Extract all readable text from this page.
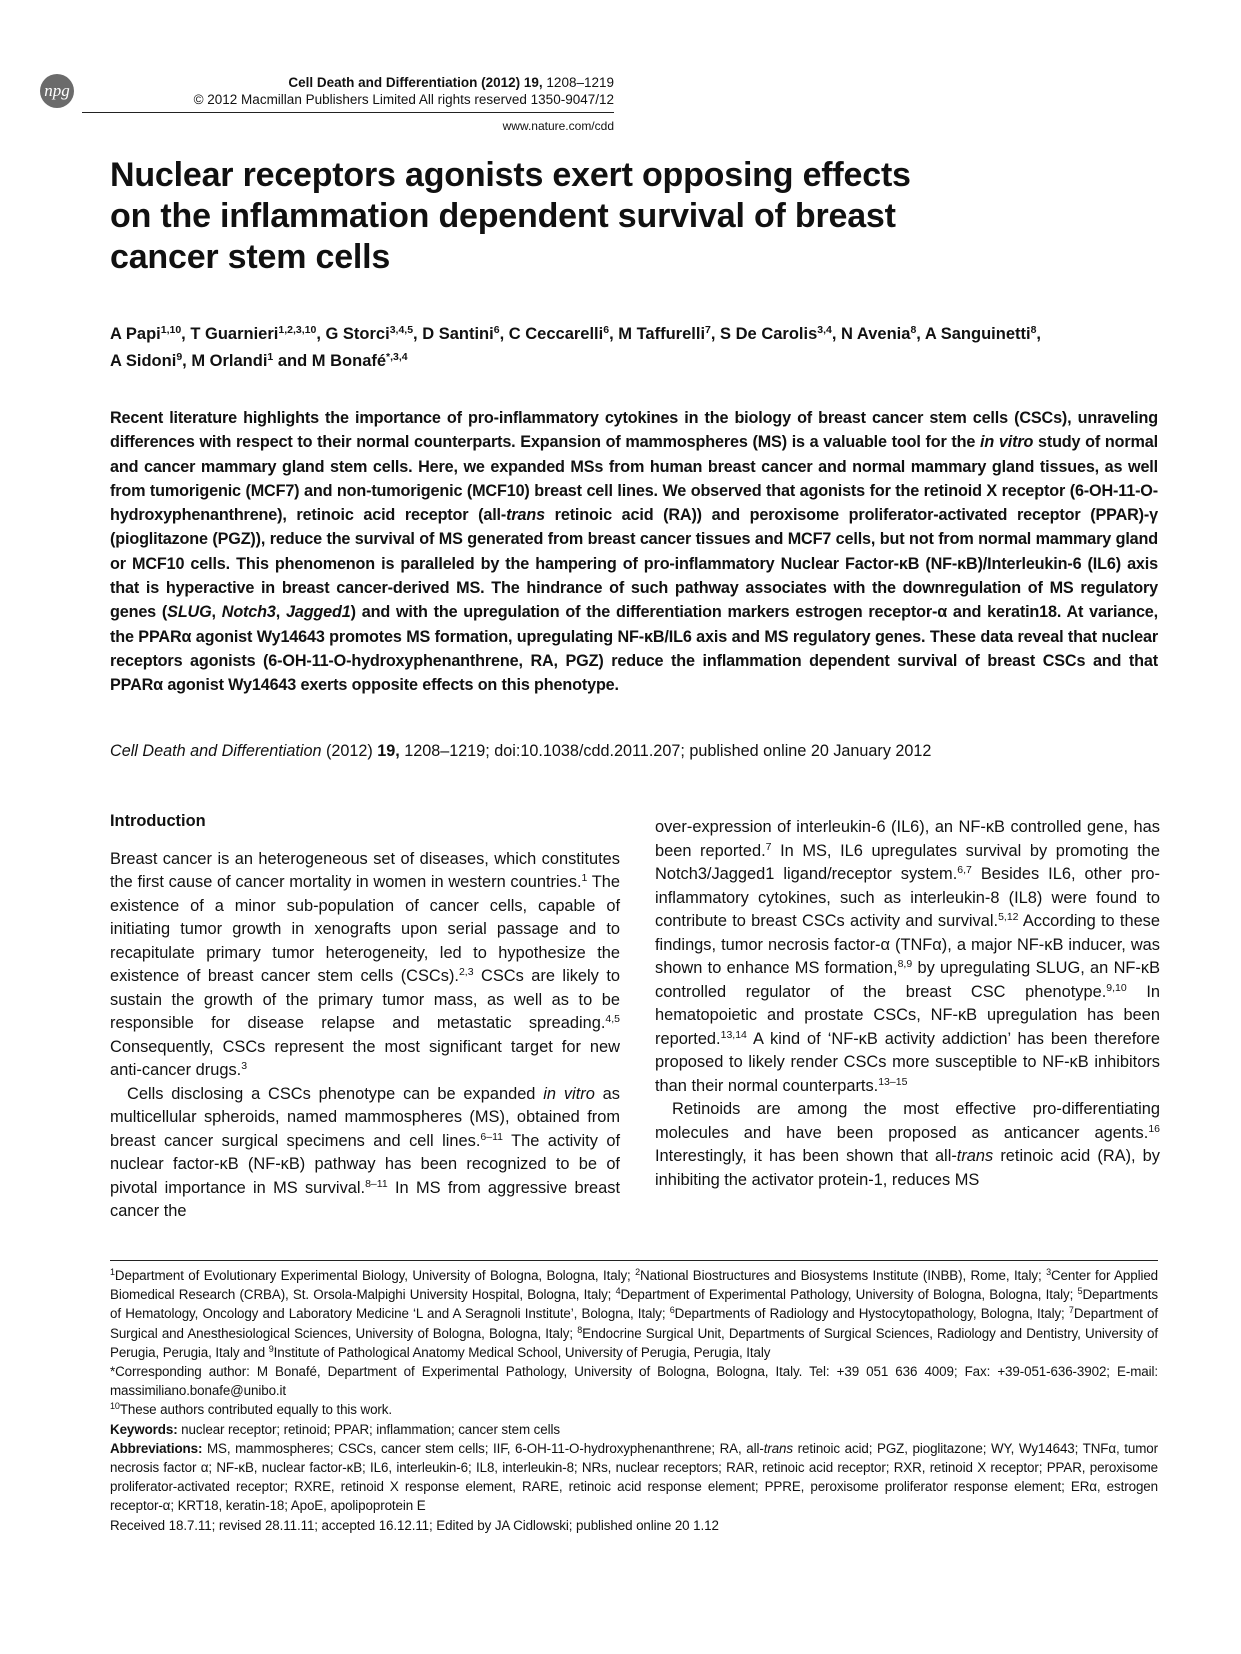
npg	Cell Death and Differentiation (2012) 19, 1208–1219
© 2012 Macmillan Publishers Limited All rights reserved 1350-9047/12
www.nature.com/cdd
Nuclear receptors agonists exert opposing effects
on the inflammation dependent survival of breast
cancer stem cells
A Papi$^{1,10}$, T Guarnieri$^{1,2,3,10}$, G Storci$^{3,4,5}$, D Santini$^6$, C Ceccarelli$^6$, M Taffurelli$^7$, S De Carolis$^{3,4}$, N Avenia$^8$, A Sanguinetti$^8$,
A Sidoni$^9$, M Orlandi$^1$ and M Bonafé$^{*,3,4}$
Recent literature highlights the importance of pro-inflammatory cytokines in the biology of breast cancer stem cells (CSCs), unraveling differences with respect to their normal counterparts. Expansion of mammospheres (MS) is a valuable tool for the in vitro study of normal and cancer mammary gland stem cells. Here, we expanded MSs from human breast cancer and normal mammary gland tissues, as well from tumorigenic (MCF7) and non-tumorigenic (MCF10) breast cell lines. We observed that agonists for the retinoid X receptor (6-OH-11-O-hydroxyphenanthrene), retinoic acid receptor (all-trans retinoic acid (RA)) and peroxisome proliferator-activated receptor (PPAR)-γ (pioglitazone (PGZ)), reduce the survival of MS generated from breast cancer tissues and MCF7 cells, but not from normal mammary gland or MCF10 cells. This phenomenon is paralleled by the hampering of pro-inflammatory Nuclear Factor-κB (NF-κB)/Interleukin-6 (IL6) axis that is hyperactive in breast cancer-derived MS. The hindrance of such pathway associates with the downregulation of MS regulatory genes (SLUG, Notch3, Jagged1) and with the upregulation of the differentiation markers estrogen receptor-α and keratin18. At variance, the PPARα agonist Wy14643 promotes MS formation, upregulating NF-κB/IL6 axis and MS regulatory genes. These data reveal that nuclear receptors agonists (6-OH-11-O-hydroxyphenanthrene, RA, PGZ) reduce the inflammation dependent survival of breast CSCs and that PPARα agonist Wy14643 exerts opposite effects on this phenotype.
Cell Death and Differentiation (2012) 19, 1208–1219; doi:10.1038/cdd.2011.207; published online 20 January 2012

Introduction

Breast cancer is an heterogeneous set of diseases, which constitutes the first cause of cancer mortality in women in western countries.$^1$ The existence of a minor sub-population of cancer cells, capable of initiating tumor growth in xenografts upon serial passage and to recapitulate primary tumor heterogeneity, led to hypothesize the existence of breast cancer stem cells (CSCs).$^{2,3}$ CSCs are likely to sustain the growth of the primary tumor mass, as well as to be responsible for disease relapse and metastatic spreading.$^{4,5}$ Consequently, CSCs represent the most significant target for new anti-cancer drugs.$^3$

Cells disclosing a CSCs phenotype can be expanded in vitro as multicellular spheroids, named mammospheres (MS), obtained from breast cancer surgical specimens and cell lines.$^{6-11}$ The activity of nuclear factor-κB (NF-κB) pathway has been recognized to be of pivotal importance in MS survival.$^{8-11}$ In MS from aggressive breast cancer the

over-expression of interleukin-6 (IL6), an NF-κB controlled gene, has been reported.$^7$ In MS, IL6 upregulates survival by promoting the Notch3/Jagged1 ligand/receptor system.$^{6,7}$ Besides IL6, other pro-inflammatory cytokines, such as interleukin-8 (IL8) were found to contribute to breast CSCs activity and survival.$^{5,12}$ According to these findings, tumor necrosis factor-α (TNFα), a major NF-κB inducer, was shown to enhance MS formation,$^{8,9}$ by upregulating SLUG, an NF-κB controlled regulator of the breast CSC phenotype.$^{9,10}$ In hematopoietic and prostate CSCs, NF-κB upregulation has been reported.$^{13,14}$ A kind of ‘NF-κB activity addiction’ has been therefore proposed to likely render CSCs more susceptible to NF-κB inhibitors than their normal counterparts.$^{13-15}$

Retinoids are among the most effective pro-differentiating molecules and have been proposed as anticancer agents.$^{16}$ Interestingly, it has been shown that all-trans retinoic acid (RA), by inhibiting the activator protein-1, reduces MS

$^1$Department of Evolutionary Experimental Biology, University of Bologna, Bologna, Italy; $^2$National Biostructures and Biosystems Institute (INBB), Rome, Italy; $^3$Center for Applied Biomedical Research (CRBA), St. Orsola-Malpighi University Hospital, Bologna, Italy; $^4$Department of Experimental Pathology, University of Bologna, Bologna, Italy; $^5$Departments of Hematology, Oncology and Laboratory Medicine ‘L and A Seragnoli Institute’, Bologna, Italy; $^6$Departments of Radiology and Hystocytopathology, Bologna, Italy; $^7$Department of Surgical and Anesthesiological Sciences, University of Bologna, Bologna, Italy; $^8$Endocrine Surgical Unit, Departments of Surgical Sciences, Radiology and Dentistry, University of Perugia, Perugia, Italy and $^9$Institute of Pathological Anatomy Medical School, University of Perugia, Perugia, Italy

*Corresponding author: M Bonafé, Department of Experimental Pathology, University of Bologna, Bologna, Italy. Tel: +39 051 636 4009; Fax: +39-051-636-3902; E-mail: massimiliano.bonafe@unibo.it

$^{10}$These authors contributed equally to this work.

Keywords: nuclear receptor; retinoid; PPAR; inflammation; cancer stem cells

Abbreviations: MS, mammospheres; CSCs, cancer stem cells; IIF, 6-OH-11-O-hydroxyphenanthrene; RA, all-trans retinoic acid; PGZ, pioglitazone; WY, Wy14643; TNFα, tumor necrosis factor α; NF-κB, nuclear factor-κB; IL6, interleukin-6; IL8, interleukin-8; NRs, nuclear receptors; RAR, retinoic acid receptor; RXR, retinoid X receptor; PPAR, peroxisome proliferator-activated receptor; RXRE, retinoid X response element, RARE, retinoic acid response element; PPRE, peroxisome proliferator response element; ERα, estrogen receptor-α; KRT18, keratin-18; ApoE, apolipoprotein E

Received 18.7.11; revised 28.11.11; accepted 16.12.11; Edited by JA Cidlowski; published online 20 1.12
